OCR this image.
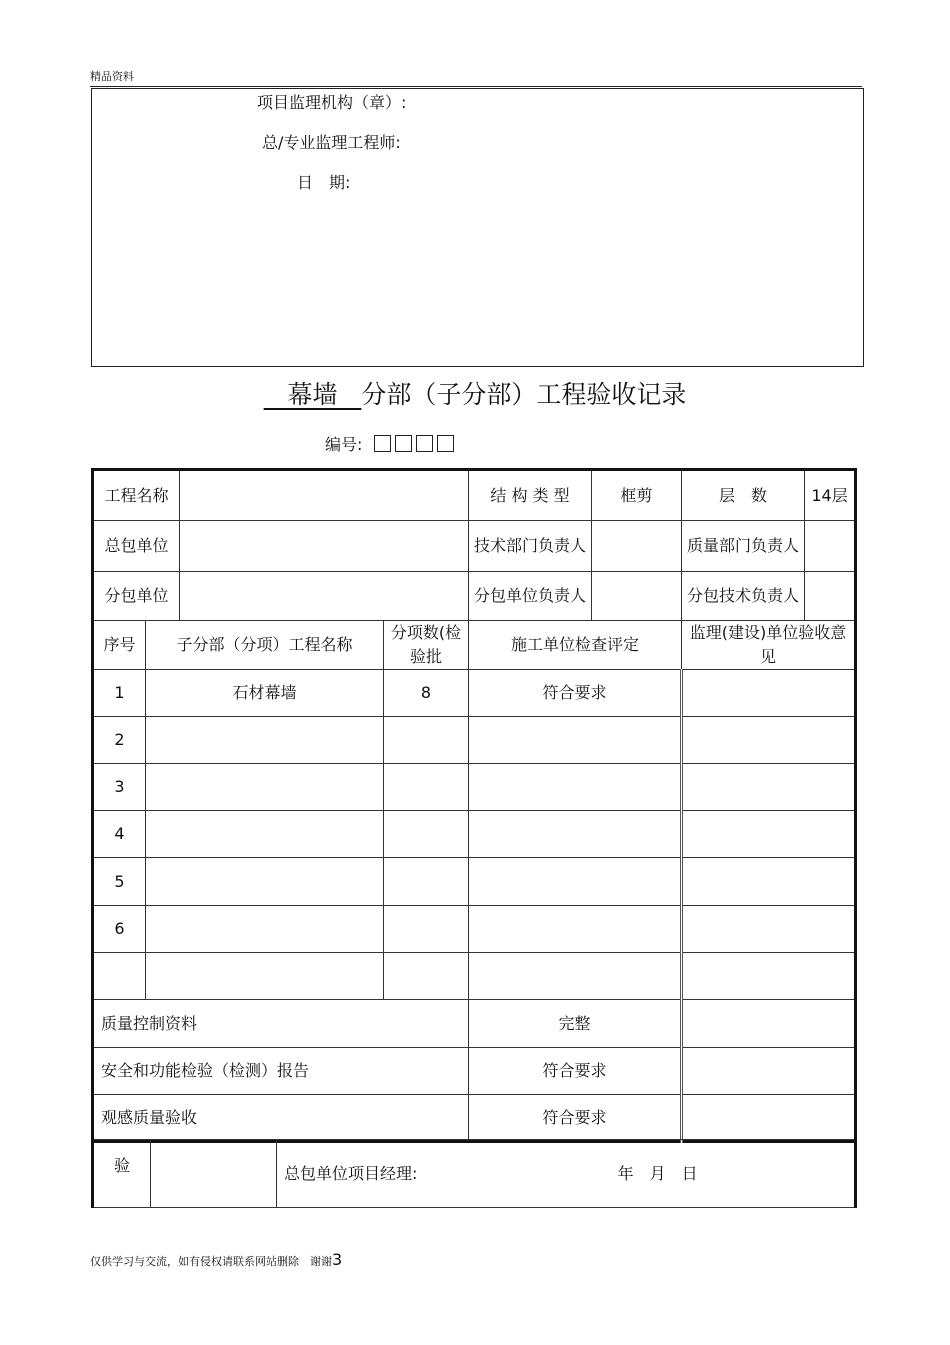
精品资料
项目监理机构（章）:
总/专业监理工程师:
日　期:
幕墙 分部（子分部）工程验收记录
编号:
工程名称				结 构 类 型	框剪	层　数	14层
总包单位				技术部门负责人		质量部门负责人	
分包单位				分包单位负责人		分包技术负责人	
序号	子分部（分项）工程名称		分项数(检验批	施工单位检查评定		监理(建设)单位验收意见	
1	石材幕墙		8	符合要求			
2							
3							
4							
5							
6							

质量控制资料				完整			
安全和功能检验（检测）报告				符合要求			
观感质量验收				符合要求			
验		总包单位项目经理:	年　月　日
仅供学习与交流，如有侵权请联系网站删除　谢谢3
